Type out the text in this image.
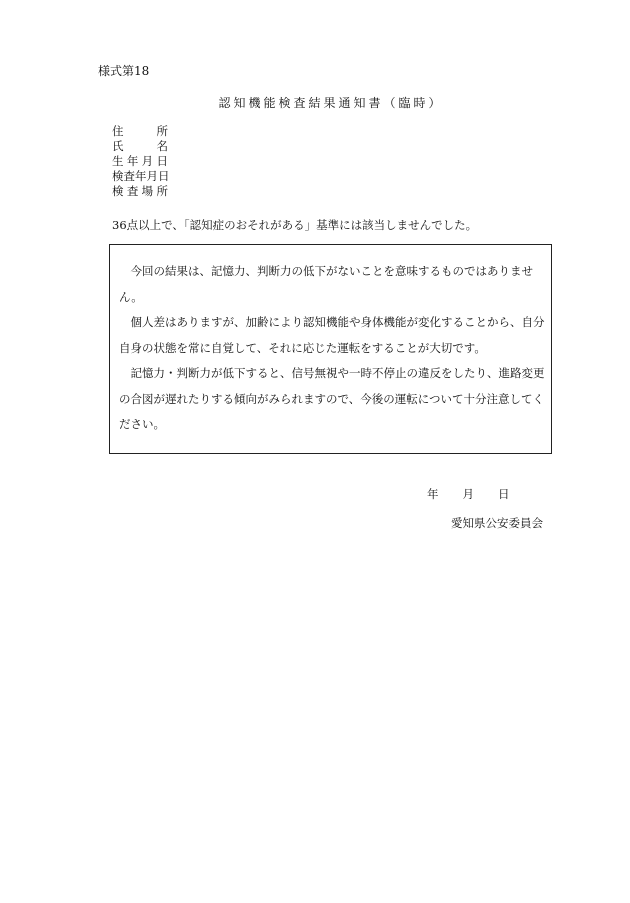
様式第18
認知機能検査結果通知書（臨時）
住所
氏名
生年月日
検査年月日
検査場所
36点以上で、「認知症のおそれがある」基準には該当しませんでした。

今回の結果は、記憶力、判断力の低下がないことを意味するものではありません。

個人差はありますが、加齢により認知機能や身体機能が変化することから、自分自身の状態を常に自覚して、それに応じた運転をすることが大切です。

記憶力・判断力が低下すると、信号無視や一時不停止の違反をしたり、進路変更の合図が遅れたりする傾向がみられますので、今後の運転について十分注意してください。

年 月 日
愛知県公安委員会
